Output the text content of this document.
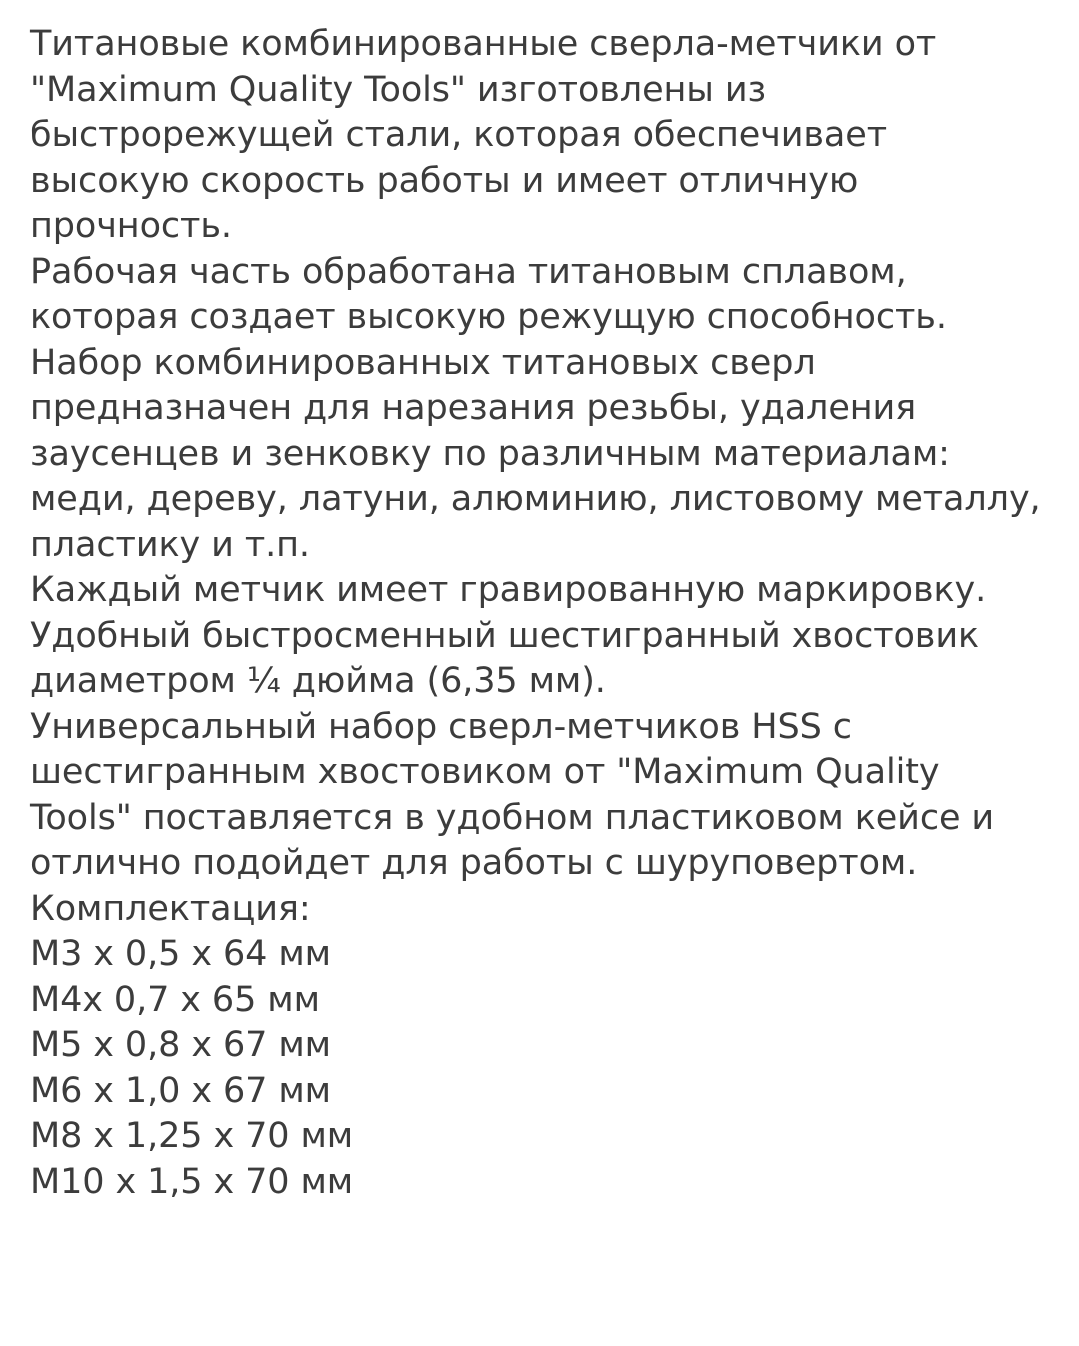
Титановые комбинированные сверла-метчики от "Maximum Quality Tools" изготовлены из быстрорежущей стали, которая обеспечивает высокую скорость работы и имеет отличную прочность.

Рабочая часть обработана титановым сплавом, которая создает высокую режущую способность.

Набор комбинированных титановых сверл предназначен для нарезания резьбы, удаления заусенцев и зенковку по различным материалам: меди, дереву, латуни, алюминию, листовому металлу, пластику и т.п.

Каждый метчик имеет гравированную маркировку.

Удобный быстросменный шестигранный хвостовик диаметром ¼ дюйма (6,35 мм).

Универсальный набор сверл-метчиков HSS с шестигранным хвостовиком от "Maximum Quality Tools" поставляется в удобном пластиковом кейсе и отлично подойдет для работы с шуруповертом.

Комплектация:

M3 x 0,5 x 64 мм

M4x 0,7 x 65 мм

M5 x 0,8 x 67 мм

M6 x 1,0 x 67 мм

M8 x 1,25 x 70 мм

M10 x 1,5 x 70 мм
